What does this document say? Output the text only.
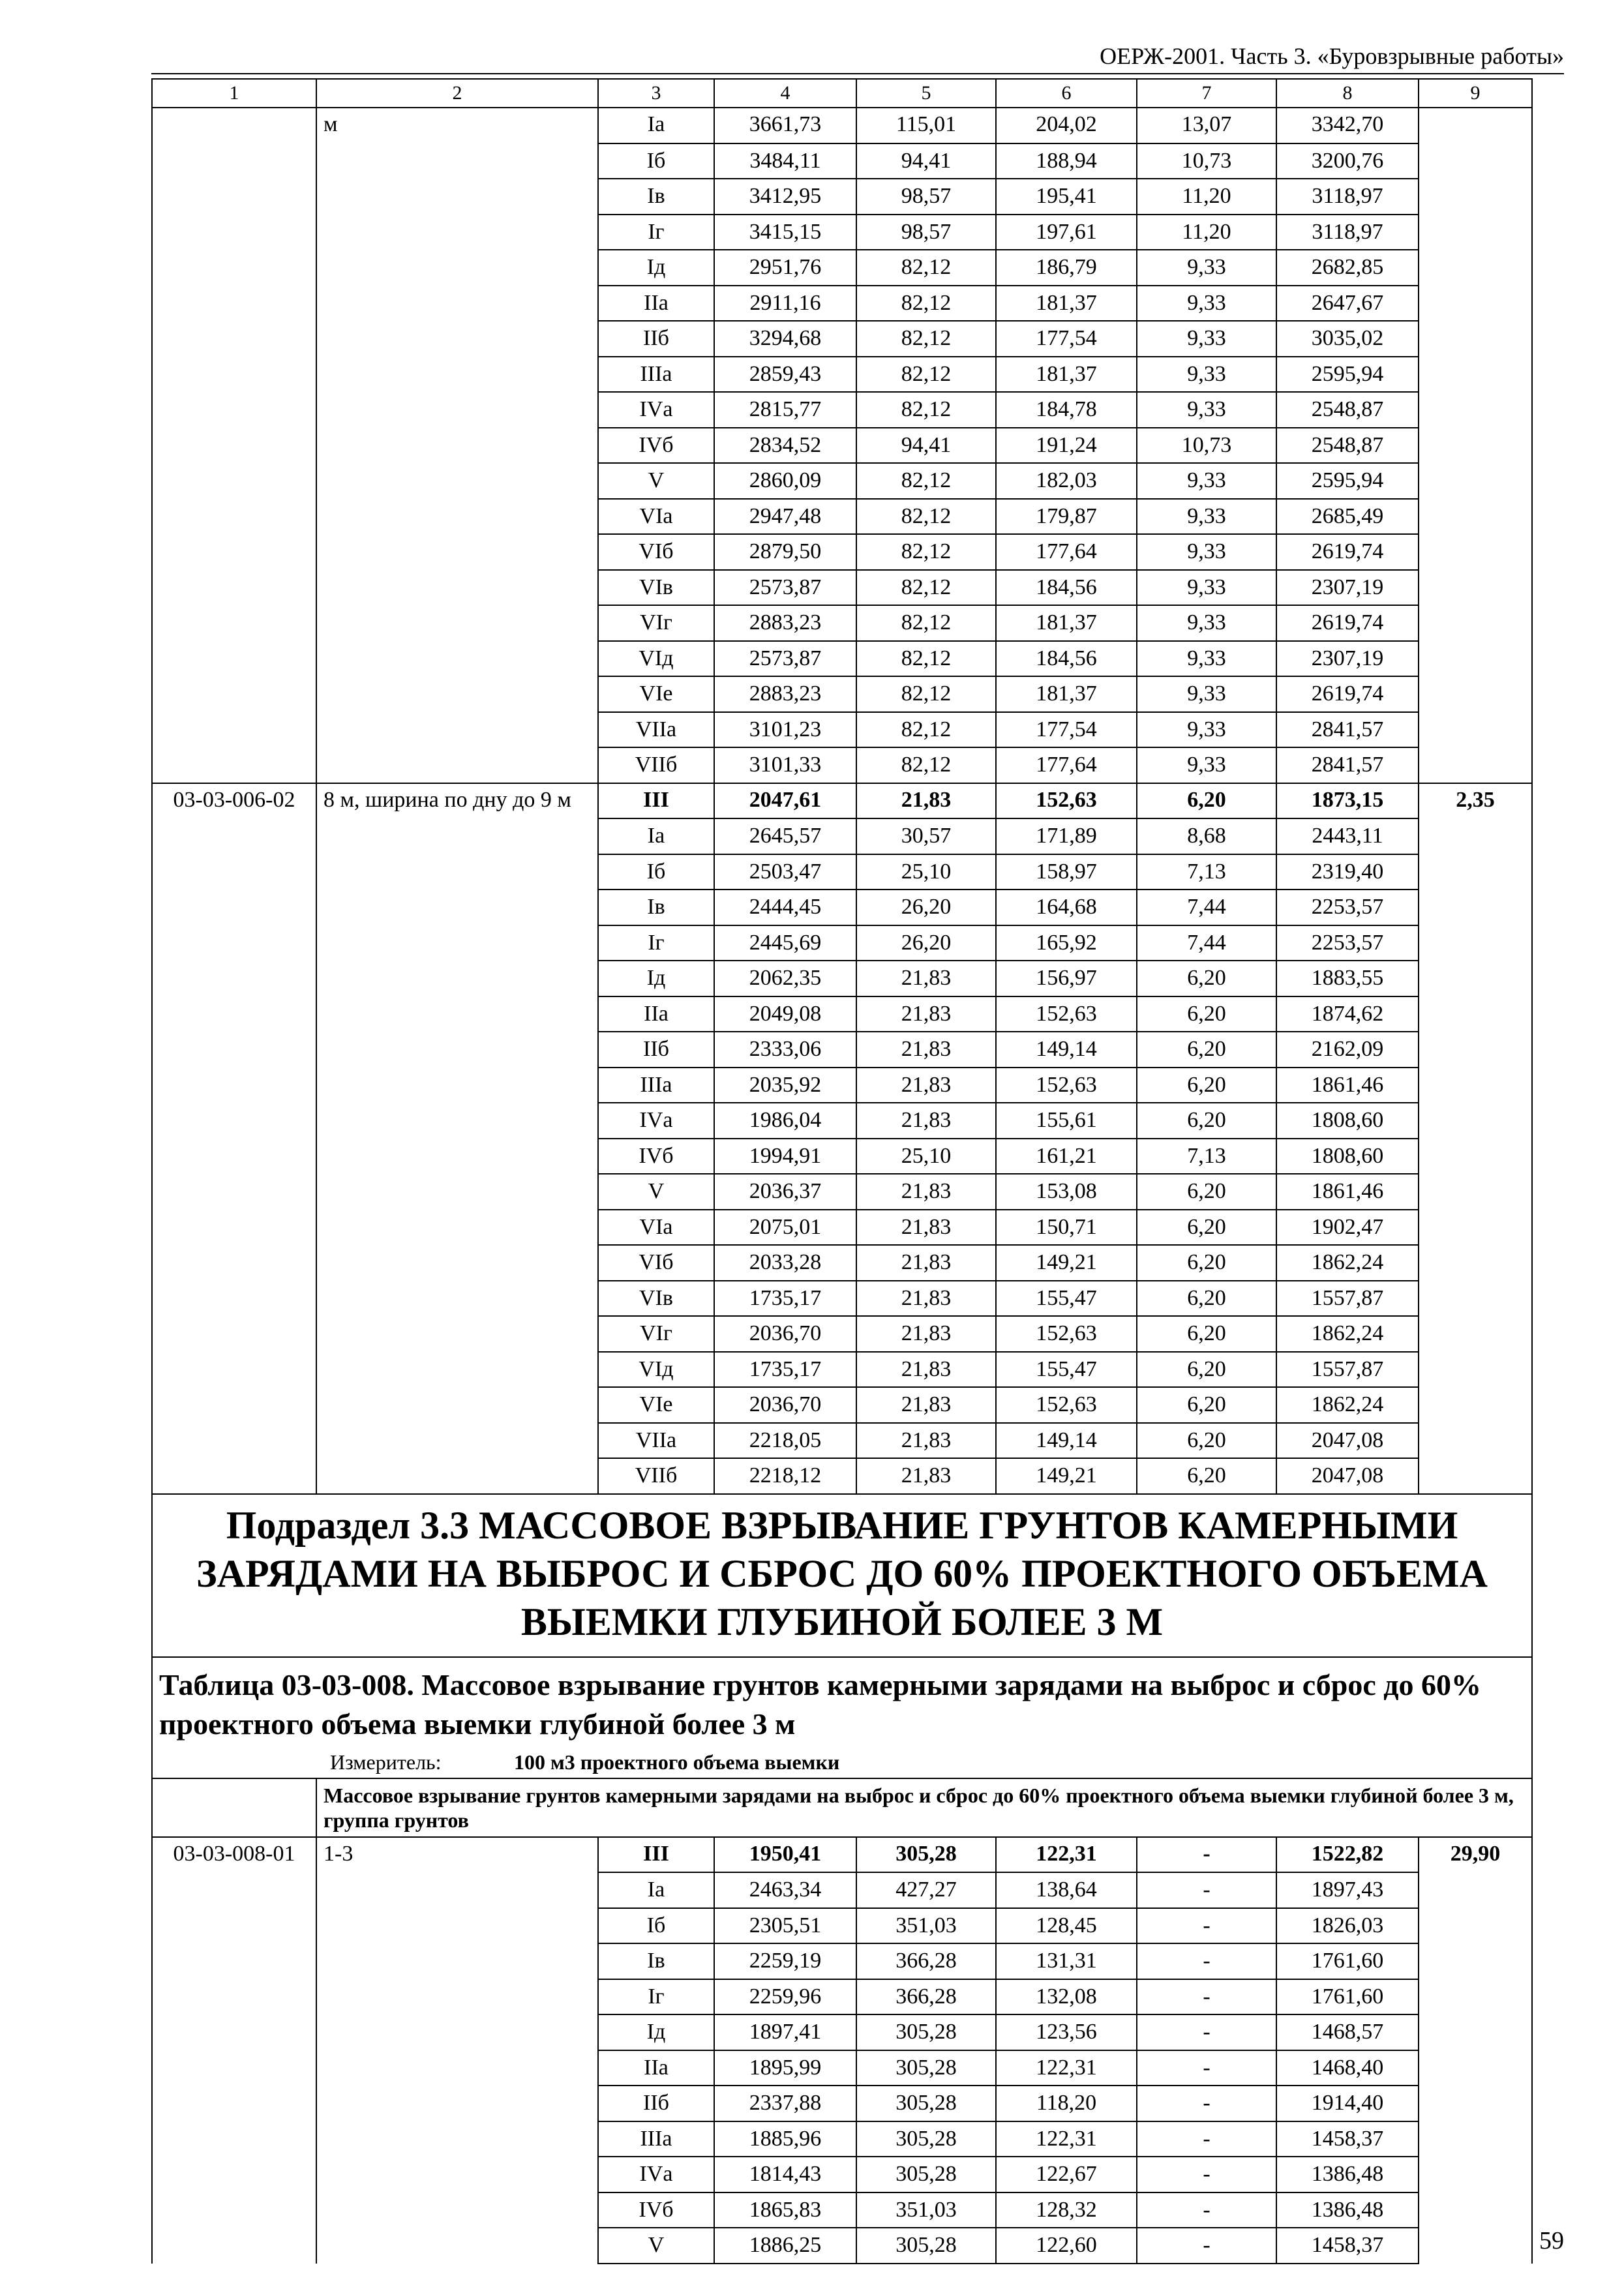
ОЕРЖ-2001. Часть 3. «Буровзрывные работы»
1	2	3	4	5	6	7	8	9
	м	Iа	3661,73	115,01	204,02	13,07	3342,70	
		Iб	3484,11	94,41	188,94	10,73	3200,76	
		Iв	3412,95	98,57	195,41	11,20	3118,97	
		Iг	3415,15	98,57	197,61	11,20	3118,97	
		Iд	2951,76	82,12	186,79	9,33	2682,85	
		IIа	2911,16	82,12	181,37	9,33	2647,67	
		IIб	3294,68	82,12	177,54	9,33	3035,02	
		IIIа	2859,43	82,12	181,37	9,33	2595,94	
		IVа	2815,77	82,12	184,78	9,33	2548,87	
		IVб	2834,52	94,41	191,24	10,73	2548,87	
		V	2860,09	82,12	182,03	9,33	2595,94	
		VIа	2947,48	82,12	179,87	9,33	2685,49	
		VIб	2879,50	82,12	177,64	9,33	2619,74	
		VIв	2573,87	82,12	184,56	9,33	2307,19	
		VIг	2883,23	82,12	181,37	9,33	2619,74	
		VIд	2573,87	82,12	184,56	9,33	2307,19	
		VIе	2883,23	82,12	181,37	9,33	2619,74	
		VIIа	3101,23	82,12	177,54	9,33	2841,57	
		VIIб	3101,33	82,12	177,64	9,33	2841,57	
03-03-006-02	8 м, ширина по дну до 9 м	III	2047,61	21,83	152,63	6,20	1873,15	2,35
		Iа	2645,57	30,57	171,89	8,68	2443,11	
		Iб	2503,47	25,10	158,97	7,13	2319,40	
		Iв	2444,45	26,20	164,68	7,44	2253,57	
		Iг	2445,69	26,20	165,92	7,44	2253,57	
		Iд	2062,35	21,83	156,97	6,20	1883,55	
		IIа	2049,08	21,83	152,63	6,20	1874,62	
		IIб	2333,06	21,83	149,14	6,20	2162,09	
		IIIа	2035,92	21,83	152,63	6,20	1861,46	
		IVа	1986,04	21,83	155,61	6,20	1808,60	
		IVб	1994,91	25,10	161,21	7,13	1808,60	
		V	2036,37	21,83	153,08	6,20	1861,46	
		VIа	2075,01	21,83	150,71	6,20	1902,47	
		VIб	2033,28	21,83	149,21	6,20	1862,24	
		VIв	1735,17	21,83	155,47	6,20	1557,87	
		VIг	2036,70	21,83	152,63	6,20	1862,24	
		VIд	1735,17	21,83	155,47	6,20	1557,87	
		VIе	2036,70	21,83	152,63	6,20	1862,24	
		VIIа	2218,05	21,83	149,14	6,20	2047,08	
		VIIб	2218,12	21,83	149,21	6,20	2047,08	
Подраздел 3.3 МАССОВОЕ ВЗРЫВАНИЕ ГРУНТОВ КАМЕРНЫМИ ЗАРЯДАМИ НА ВЫБРОС И СБРОС ДО 60% ПРОЕКТНОГО ОБЪЕМА ВЫЕМКИ ГЛУБИНОЙ БОЛЕЕ 3 М								
Таблица 03-03-008. Массовое взрывание грунтов камерными зарядами на выброс и сброс до 60% проектного объема выемки глубиной более 3 м								
Измеритель: 100 м3 проектного объема выемки								
	Массовое взрывание грунтов камерными зарядами на выброс и сброс до 60% проектного объема выемки глубиной более 3 м, группа грунтов							
03-03-008-01	1-3	III	1950,41	305,28	122,31	-	1522,82	29,90
		Iа	2463,34	427,27	138,64	-	1897,43	
		Iб	2305,51	351,03	128,45	-	1826,03	
		Iв	2259,19	366,28	131,31	-	1761,60	
		Iг	2259,96	366,28	132,08	-	1761,60	
		Iд	1897,41	305,28	123,56	-	1468,57	
		IIа	1895,99	305,28	122,31	-	1468,40	
		IIб	2337,88	305,28	118,20	-	1914,40	
		IIIа	1885,96	305,28	122,31	-	1458,37	
		IVа	1814,43	305,28	122,67	-	1386,48	
		IVб	1865,83	351,03	128,32	-	1386,48	
		V	1886,25	305,28	122,60	-	1458,37		59
